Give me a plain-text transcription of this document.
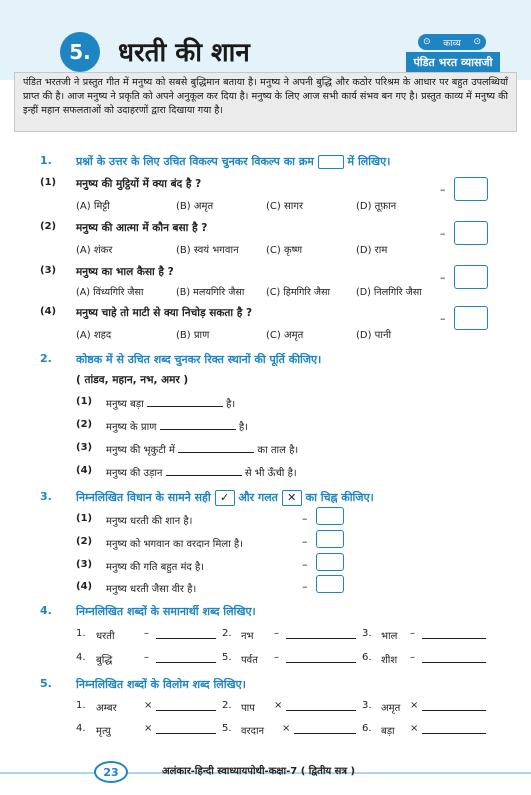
5.	धरती की शान	⊙ काव्य ⊙
पंडित भरत व्यासजी
पंडित भरतजी ने प्रस्तुत गीत में मनुष्य को सबसे बुद्धिमान बताया है। मनुष्य ने अपनी बुद्धि और कठोर परिश्रम के आधार पर बहुत उपलब्धियाँ प्राप्त की है। आज मनुष्य ने प्रकृति को अपने अनुकूल कर दिया है। मनुष्य के लिए आज सभी कार्य संभव बन गए है। प्रस्तुत काव्य में मनुष्य की इन्हीं महान सफलताओं को उदाहरणों द्वारा दिखाया गया है।
1. प्रश्नों के उत्तर के लिए उचित विकल्प चुनकर विकल्प का क्रम	में लिखिए।
(1) मनुष्य की मुट्ठियों में क्या बंद है ?
(A) मिट्टी	(B) अमृत	(C) सागर	(D) तूफ़ान
–
(2) मनुष्य की आत्मा में कौन बसा है ?
(A) शंकर	(B) स्वयं भगवान	(C) कृष्ण	(D) राम
–
(3) मनुष्य का भाल कैसा है ?
(A) विंध्यगिरि जैसा	(B) मलयगिरि जैसा (C) हिमगिरि जैसा	(D) निलगिरि जैसा
–
(4) मनुष्य चाहे तो माटी से क्या निचोड़ सकता है ?
(A) शहद	(B) प्राण	(C) अमृत	(D) पानी
–
2. कोष्ठक में से उचित शब्द चुनकर रिक्त स्थानों की पूर्ति कीजिए।
( तांडव, महान, नभ, अमर )
(1) मनुष्य बड़ा	है।
(2) मनुष्य के प्राण	है।
(3) मनुष्य की भृकुटी में	का ताल है।
(4) मनुष्य की उड़ान	से भी ऊँची है।
3. निम्नलिखित विधान के सामने सही ✓ और गलत ✕ का चिह्न कीजिए।
(1) मनुष्य धरती की शान है।	–
(2) मनुष्य को भगवान का वरदान मिला है।	–
(3) मनुष्य की गति बहुत मंद है।	–
(4) मनुष्य धरती जैसा वीर है।	–
4. निम्नलिखित शब्दों के समानार्थी शब्द लिखिए।
1. धरती	–	2. नभ –	3. भाल –
4. बुद्धि	–	5. पर्वत –	6. शीश –
5. निम्नलिखित शब्दों के विलोम शब्द लिखिए।
1. अम्बर	×	2. पाप ×	3. अमृत ×
4. मृत्यु	×	5. वरदान ×	6. बड़ा ×
23	अलंकार-हिन्दी स्वाध्यायपोथी-कक्षा-7 ( द्वितीय सत्र )
